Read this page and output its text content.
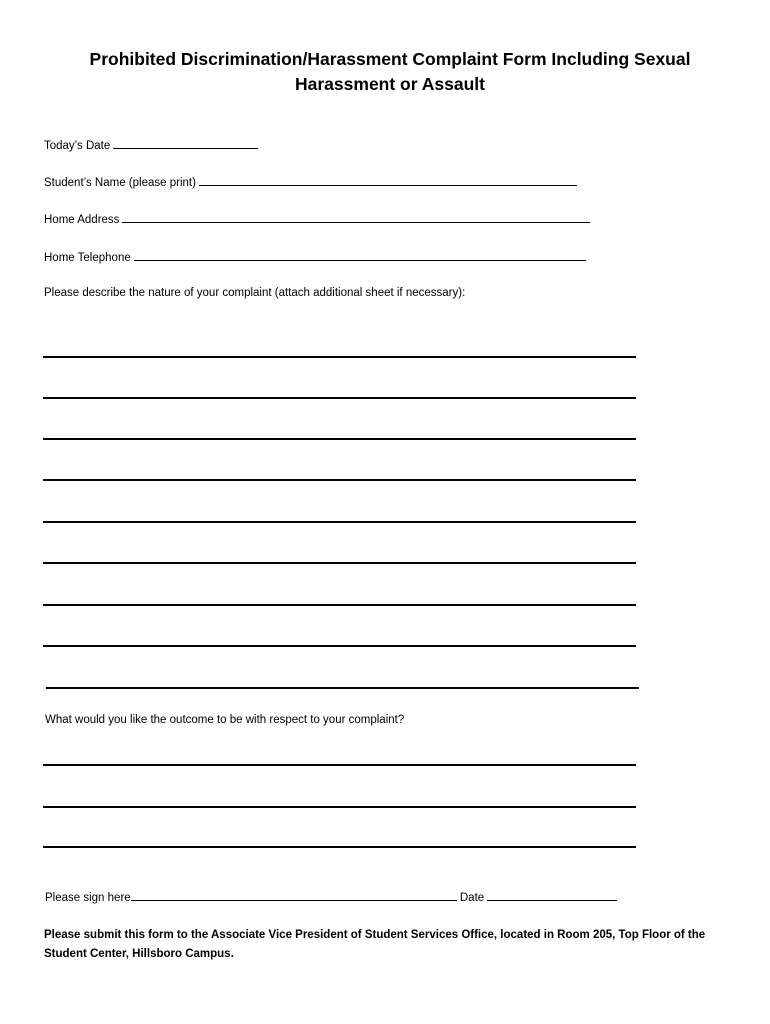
Prohibited Discrimination/Harassment Complaint Form Including Sexual
Harassment or Assault
Today’s Date
Student’s Name (please print)
Home Address
Home Telephone
Please describe the nature of your complaint (attach additional sheet if necessary):
What would you like the outcome to be with respect to your complaint?
Please sign here	Date
Please submit this form to the Associate Vice President of Student Services Office, located in Room 205, Top Floor of the Student Center, Hillsboro Campus.
